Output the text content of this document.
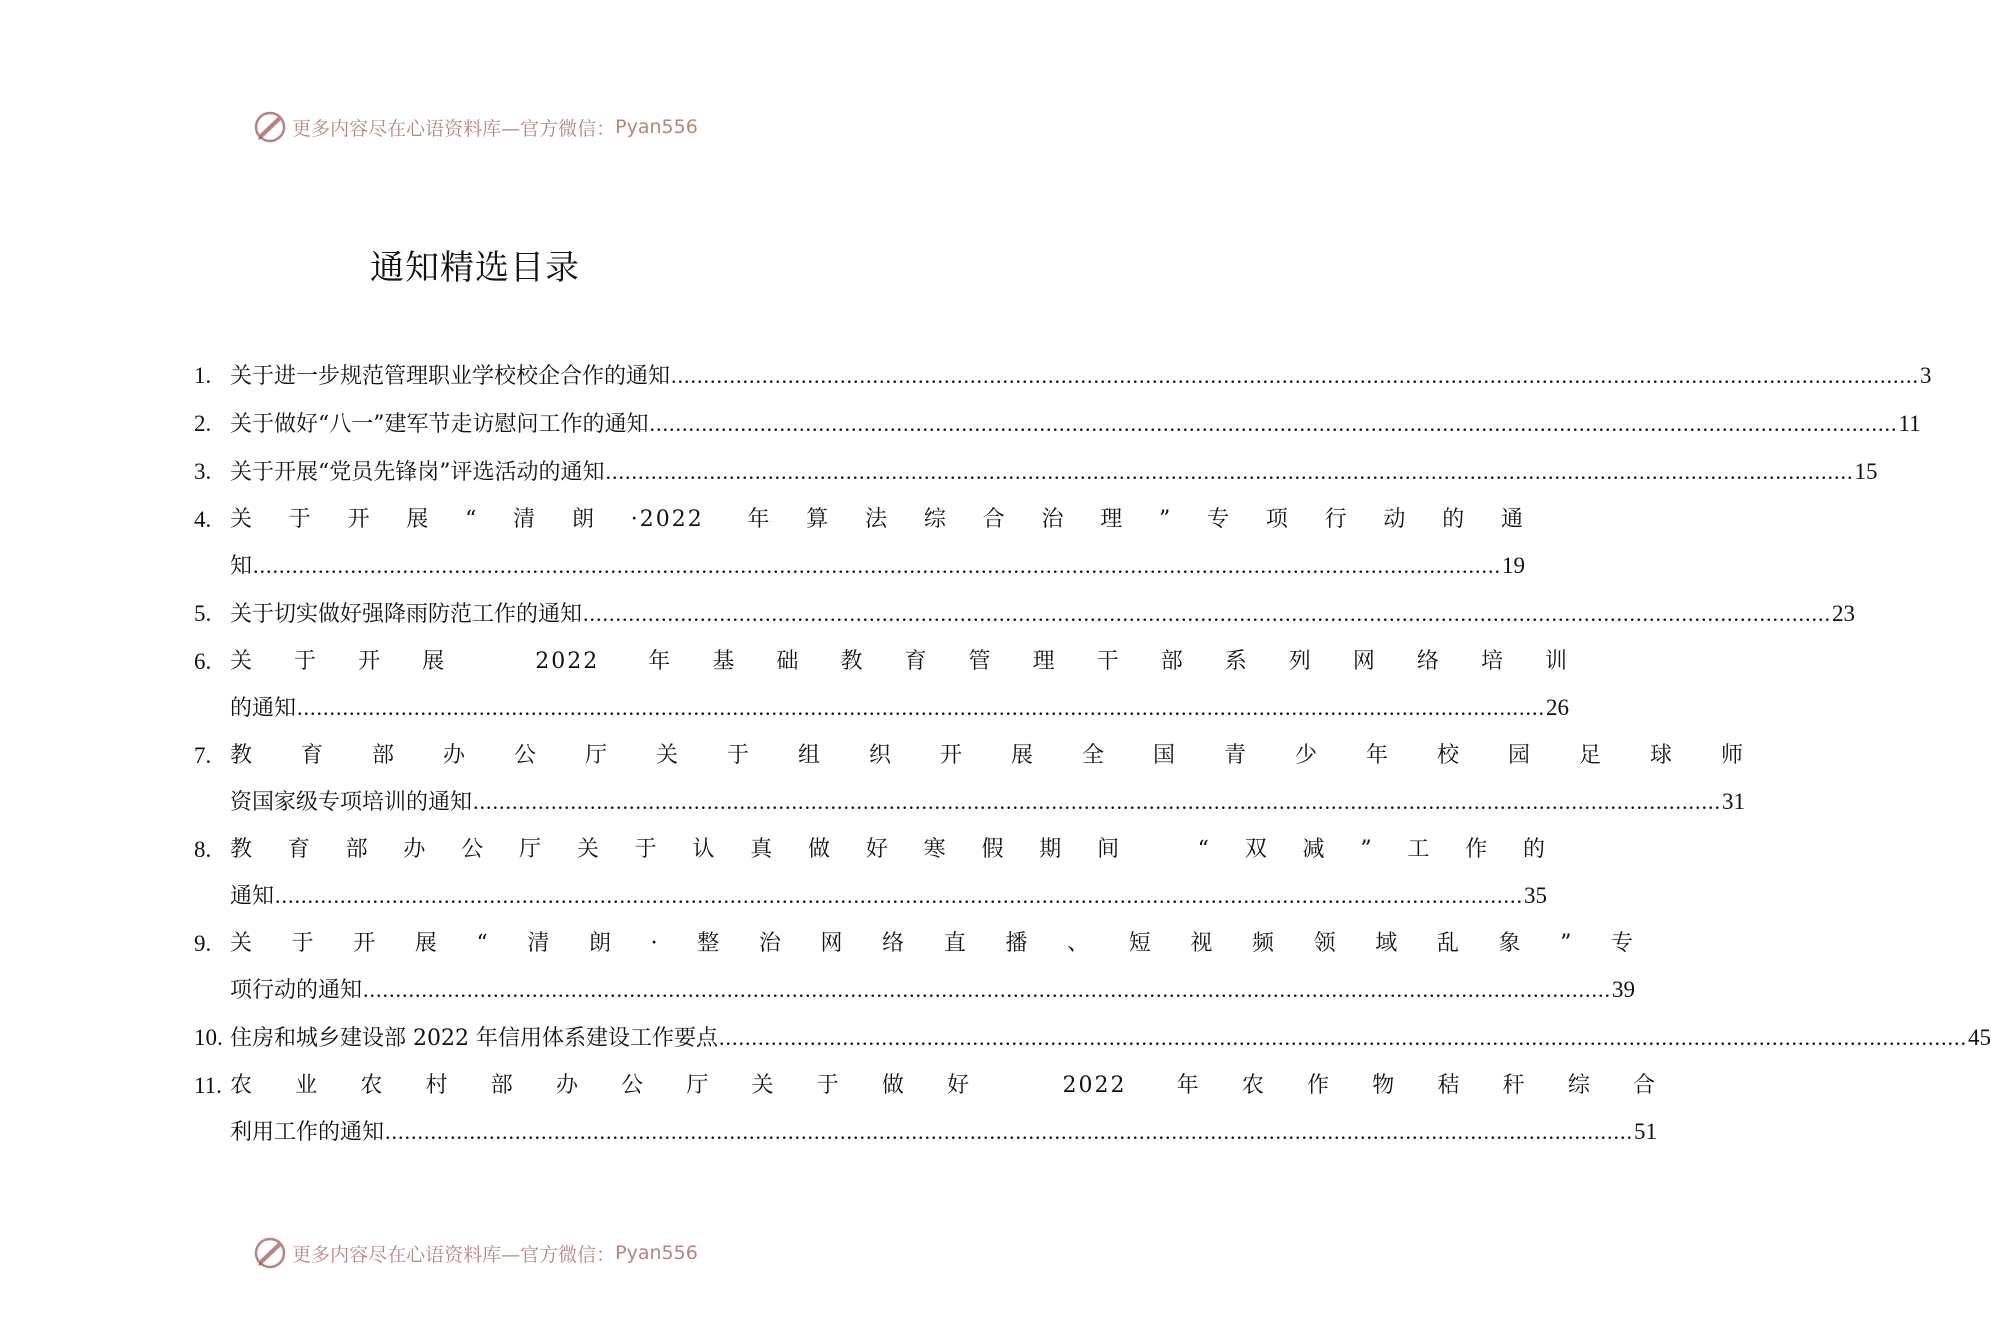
更多内容尽在心语资料库—官方微信： Pyan556
通知精选目录
1. 关于进一步规范管理职业学校校企合作的通知 .....	3
2. 关于做好“八一”建军节走访慰问工作的通知 .....	11
3. 关于开展“党员先锋岗”评选活动的通知 .....	15
4. 关于开展“清朗·2022 年算法综合治理”专项行动的通
知 .....	19
5. 关于切实做好强降雨防范工作的通知 .....	23
6. 关于开展 2022 年基础教育管理干部系列网络培训
的通知 .....	26
7. 教育部办公厅关于组织开展全国青少年校园足球师
资国家级专项培训的通知 .....	31
8. 教育部办公厅关于认真做好寒假期间 “双减”工作的
通知 .....	35
9. 关于开展“清朗·整治网络直播、短视频领域乱象”专
项行动的通知 .....	39
10. 住房和城乡建设部 2022 年信用体系建设工作要点 .....	45
11. 农业农村部办公厅关于做好 2022 年农作物秸秆综合
利用工作的通知 .....	51
更多内容尽在心语资料库—官方微信： Pyan556
